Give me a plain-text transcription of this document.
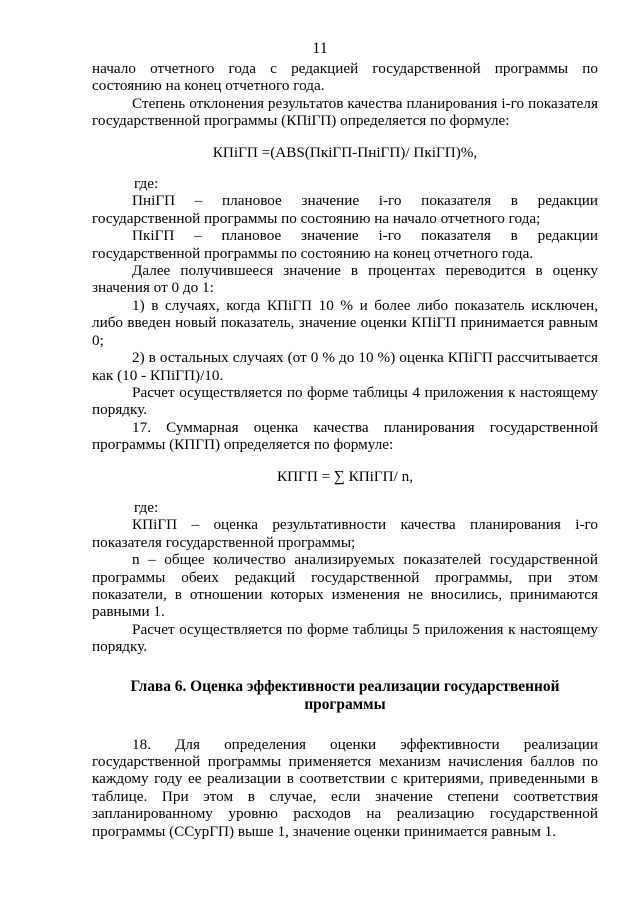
11

начало отчетного года с редакцией государственной программы по состоянию на конец отчетного года.

Степень отклонения результатов качества планирования i-го показателя государственной программы (КПiГП) определяется по формуле:

КПiГП =(ABS(ПкiГП-ПнiГП)/ ПкiГП)%,

где:

ПнiГП – плановое значение i-го показателя в редакции государственной программы по состоянию на начало отчетного года;

ПкiГП – плановое значение i-го показателя в редакции государственной программы по состоянию на конец отчетного года.

Далее получившееся значение в процентах переводится в оценку значения от 0 до 1:

1) в случаях, когда КПiГП 10 % и более либо показатель исключен, либо введен новый показатель, значение оценки КПiГП принимается равным 0;

2) в остальных случаях (от 0 % до 10 %) оценка КПiГП рассчитывается как (10 - КПiГП)/10.

Расчет осуществляется по форме таблицы 4 приложения к настоящему порядку.

17. Суммарная оценка качества планирования государственной программы (КПГП) определяется по формуле:

КПГП = ∑ КПiГП/ n,

где:

КПiГП – оценка результативности качества планирования i-го показателя государственной программы;

n – общее количество анализируемых показателей государственной программы обеих редакций государственной программы, при этом показатели, в отношении которых изменения не вносились, принимаются равными 1.

Расчет осуществляется по форме таблицы 5 приложения к настоящему порядку.

Глава 6. Оценка эффективности реализации государственной программы

18. Для определения оценки эффективности реализации государственной программы применяется механизм начисления баллов по каждому году ее реализации в соответствии с критериями, приведенными в таблице. При этом в случае, если значение степени соответствия запланированному уровню расходов на реализацию государственной программы (ССурГП) выше 1, значение оценки принимается равным 1.
